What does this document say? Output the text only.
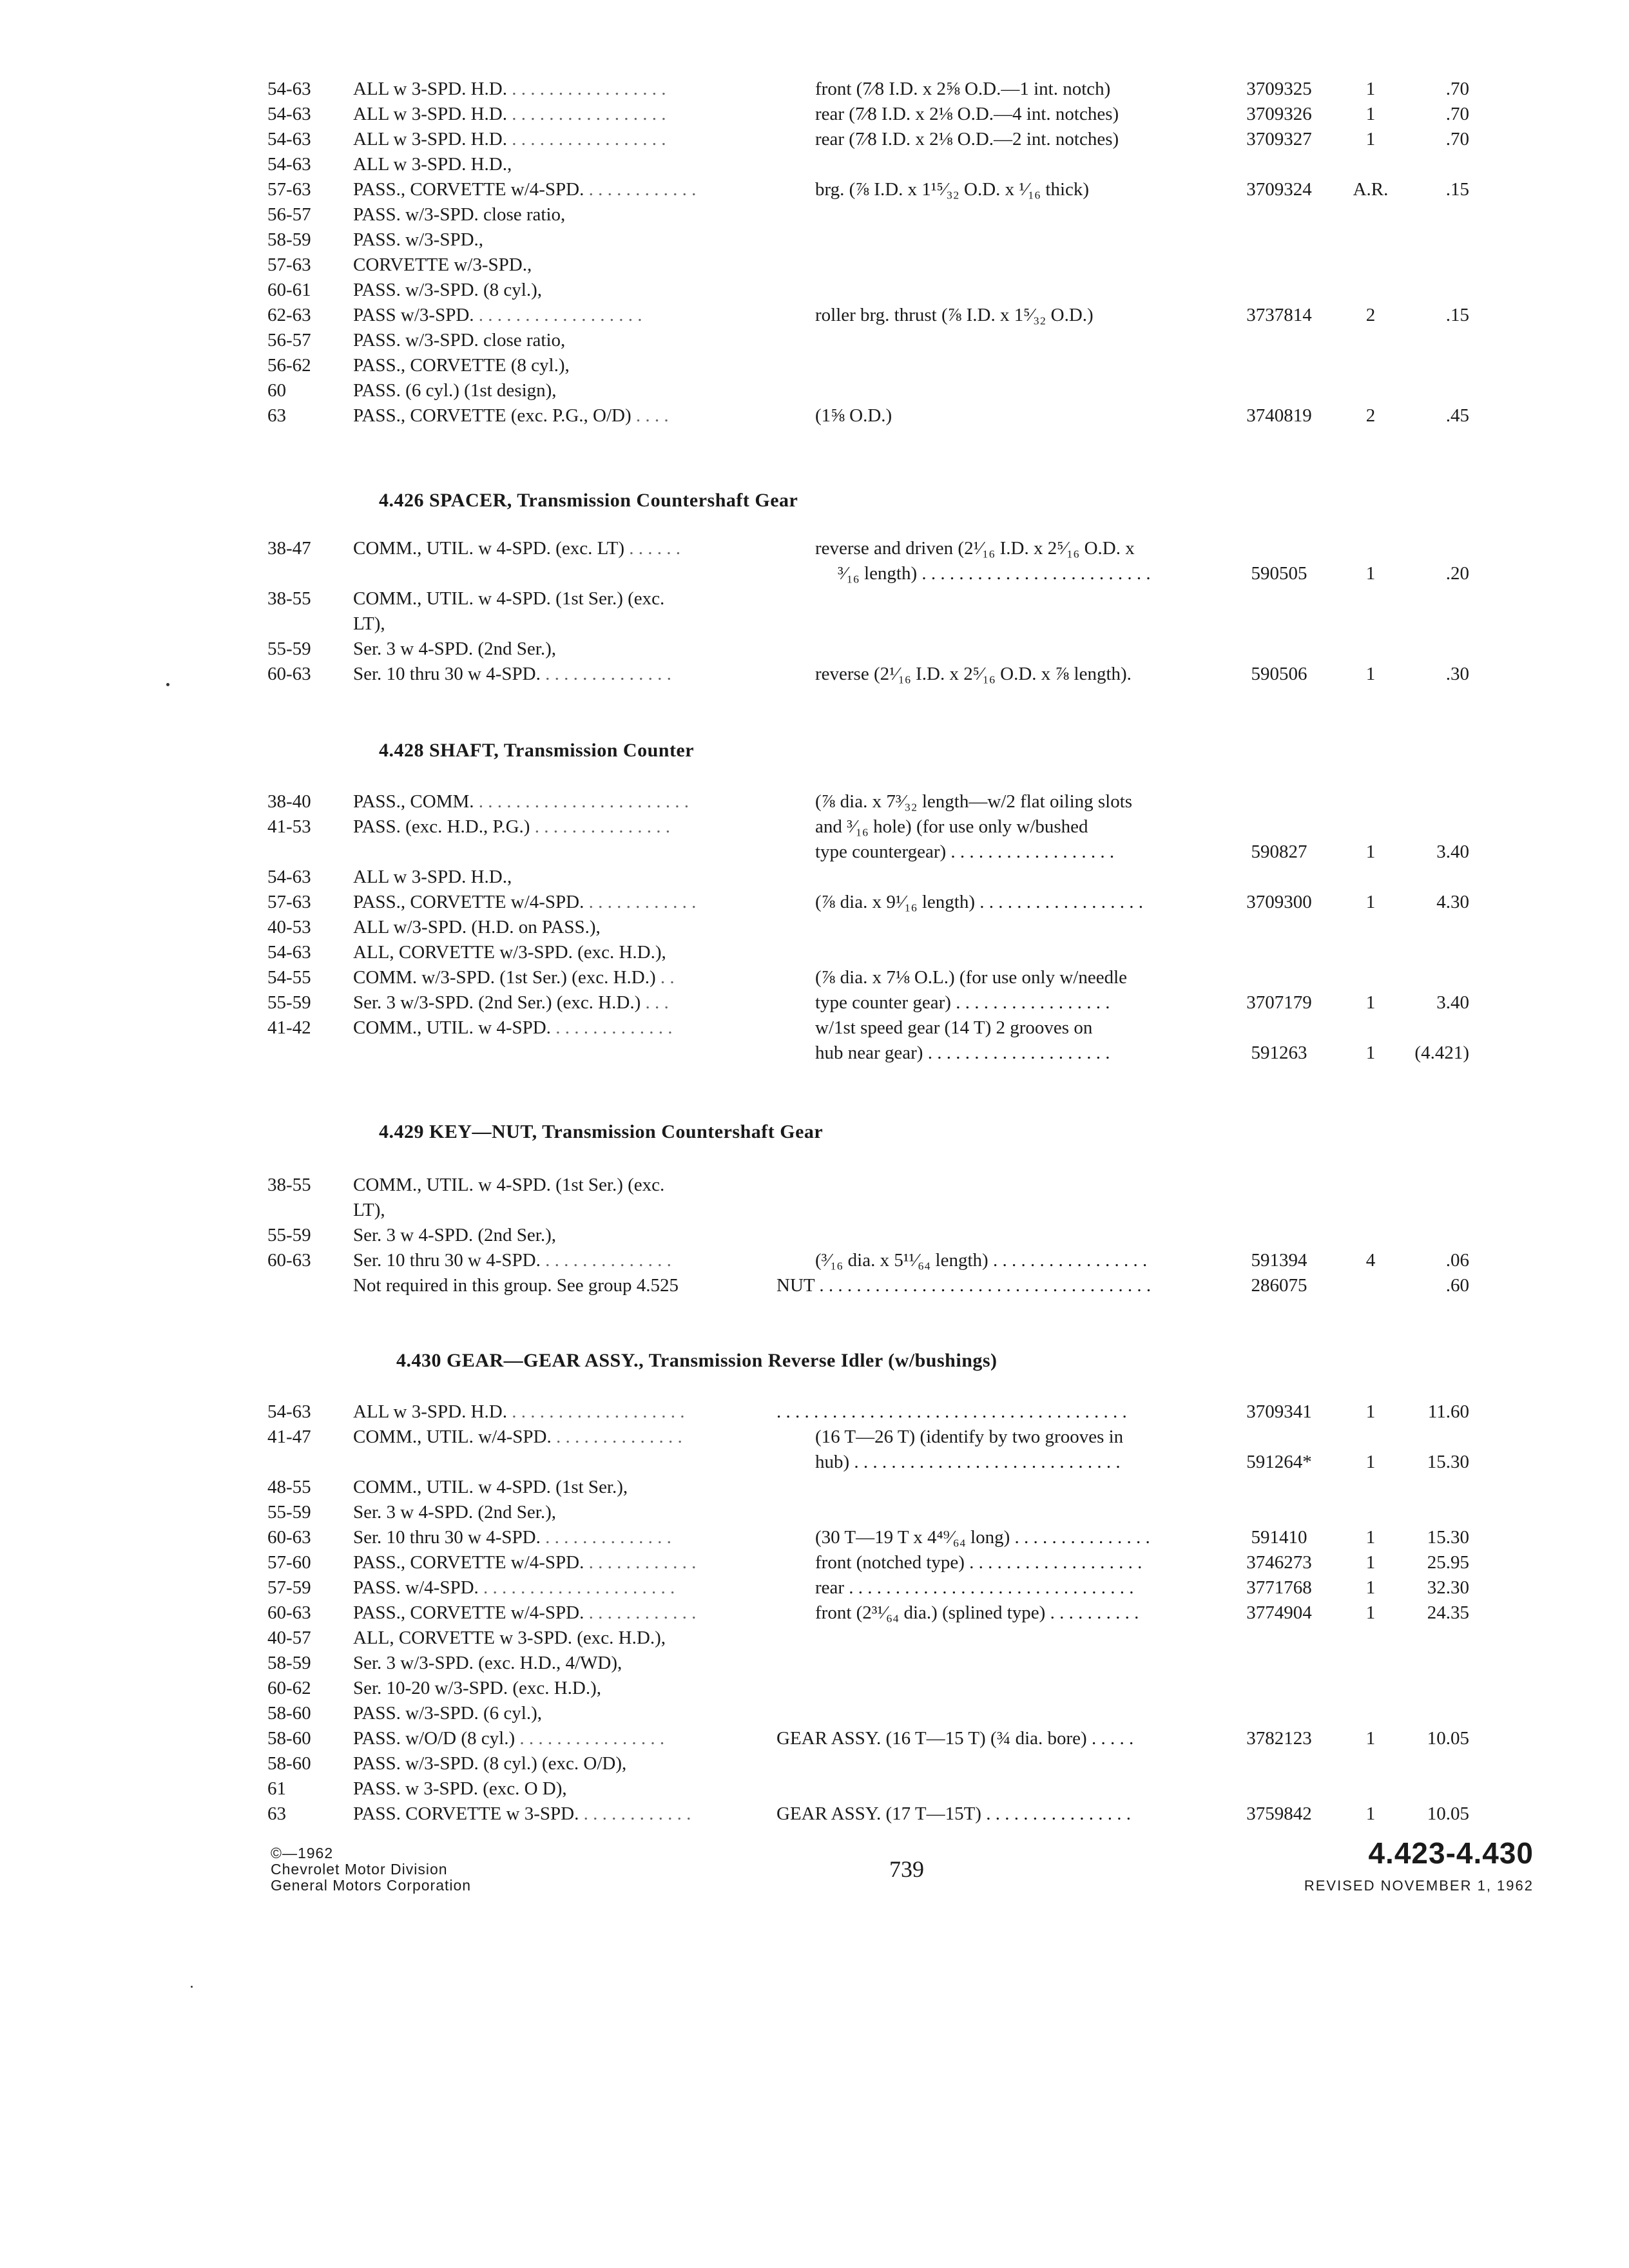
54-63 ALL w 3-SPD. H.D. . . . . . . . . . . . . . . . . .	front (7⁄8 I.D. x 2⅝ O.D.—1 int. notch)	3709325	1	.70
54-63 ALL w 3-SPD. H.D. . . . . . . . . . . . . . . . . .	rear (7⁄8 I.D. x 2⅛ O.D.—4 int. notches)	3709326	1	.70
54-63 ALL w 3-SPD. H.D. . . . . . . . . . . . . . . . . .	rear (7⁄8 I.D. x 2⅛ O.D.—2 int. notches)	3709327	1	.70
54-63 ALL w 3-SPD. H.D.,
57-63 PASS., CORVETTE w/4-SPD. . . . . . . . . . . . .	brg. (⅞ I.D. x 1¹⁵⁄₃₂ O.D. x ¹⁄₁₆ thick)	3709324	A.R.	.15
56-57 PASS. w/3-SPD. close ratio,
58-59 PASS. w/3-SPD.,
57-63 CORVETTE w/3-SPD.,
60-61 PASS. w/3-SPD. (8 cyl.),
62-63 PASS w/3-SPD. . . . . . . . . . . . . . . . . . .	roller brg. thrust (⅞ I.D. x 1⁵⁄₃₂ O.D.)	3737814	2	.15
56-57 PASS. w/3-SPD. close ratio,
56-62 PASS., CORVETTE (8 cyl.),
60	PASS. (6 cyl.) (1st design),
63	PASS., CORVETTE (exc. P.G., O/D) . . . .	(1⅝ O.D.)	3740819	2	.45
4.426 SPACER, Transmission Countershaft Gear
38-47 COMM., UTIL. w 4-SPD. (exc. LT) . . . . . .	reverse and driven (2¹⁄₁₆ I.D. x 2⁵⁄₁₆ O.D. x
³⁄₁₆ length) . . . . . . . . . . . . . . . . . . . . . . . . .	590505	1	.20
38-55 COMM., UTIL. w 4-SPD. (1st Ser.) (exc.
LT),
55-59 Ser. 3 w 4-SPD. (2nd Ser.),
60-63 Ser. 10 thru 30 w 4-SPD. . . . . . . . . . . . . . .	reverse (2¹⁄₁₆ I.D. x 2⁵⁄₁₆ O.D. x ⅞ length).	590506	1	.30
4.428 SHAFT, Transmission Counter
38-40 PASS., COMM. . . . . . . . . . . . . . . . . . . . . . . .	(⅞ dia. x 7³⁄₃₂ length—w/2 flat oiling slots
41-53 PASS. (exc. H.D., P.G.) . . . . . . . . . . . . . . .	and ³⁄₁₆ hole) (for use only w/bushed
type countergear) . . . . . . . . . . . . . . . . . .	590827	1	3.40
54-63 ALL w 3-SPD. H.D.,
57-63 PASS., CORVETTE w/4-SPD. . . . . . . . . . . . .	(⅞ dia. x 9¹⁄₁₆ length) . . . . . . . . . . . . . . . . . .	3709300	1	4.30
40-53 ALL w/3-SPD. (H.D. on PASS.),
54-63 ALL, CORVETTE w/3-SPD. (exc. H.D.),
54-55 COMM. w/3-SPD. (1st Ser.) (exc. H.D.) . .	(⅞ dia. x 7⅛ O.L.) (for use only w/needle
55-59 Ser. 3 w/3-SPD. (2nd Ser.) (exc. H.D.) . . .	type counter gear) . . . . . . . . . . . . . . . . .	3707179	1	3.40
41-42 COMM., UTIL. w 4-SPD. . . . . . . . . . . . . .	w/1st speed gear (14 T) 2 grooves on
hub near gear) . . . . . . . . . . . . . . . . . . . .	591263	1	(4.421)
4.429 KEY—NUT, Transmission Countershaft Gear
38-55 COMM., UTIL. w 4-SPD. (1st Ser.) (exc.
LT),
55-59 Ser. 3 w 4-SPD. (2nd Ser.),
60-63 Ser. 10 thru 30 w 4-SPD. . . . . . . . . . . . . . .	(³⁄₁₆ dia. x 5¹¹⁄₆₄ length) . . . . . . . . . . . . . . . . .	591394	4	.06
Not required in this group. See group 4.525	NUT . . . . . . . . . . . . . . . . . . . . . . . . . . . . . . . . . . . .	286075	.60
4.430 GEAR—GEAR ASSY., Transmission Reverse Idler (w/bushings)
54-63 ALL w 3-SPD. H.D. . . . . . . . . . . . . . . . . . . .	. . . . . . . . . . . . . . . . . . . . . . . . . . . . . . . . . . . . . .	3709341	1	11.60
41-47 COMM., UTIL. w/4-SPD. . . . . . . . . . . . . . .	(16 T—26 T) (identify by two grooves in
hub) . . . . . . . . . . . . . . . . . . . . . . . . . . . . .	591264*	1	15.30
48-55 COMM., UTIL. w 4-SPD. (1st Ser.),
55-59 Ser. 3 w 4-SPD. (2nd Ser.),
60-63 Ser. 10 thru 30 w 4-SPD. . . . . . . . . . . . . . .	(30 T—19 T x 4⁴⁹⁄₆₄ long) . . . . . . . . . . . . . . .	591410	1	15.30
57-60 PASS., CORVETTE w/4-SPD. . . . . . . . . . . . .	front (notched type) . . . . . . . . . . . . . . . . . . .	3746273	1	25.95
57-59 PASS. w/4-SPD. . . . . . . . . . . . . . . . . . . . . .	rear . . . . . . . . . . . . . . . . . . . . . . . . . . . . . . .	3771768	1	32.30
60-63 PASS., CORVETTE w/4-SPD. . . . . . . . . . . . .	front (2³¹⁄₆₄ dia.) (splined type) . . . . . . . . . .	3774904	1	24.35
40-57 ALL, CORVETTE w 3-SPD. (exc. H.D.),
58-59 Ser. 3 w/3-SPD. (exc. H.D., 4/WD),
60-62 Ser. 10-20 w/3-SPD. (exc. H.D.),
58-60 PASS. w/3-SPD. (6 cyl.),
58-60 PASS. w/O/D (8 cyl.) . . . . . . . . . . . . . . . .	GEAR ASSY. (16 T—15 T) (¾ dia. bore) . . . . .	3782123	1	10.05
58-60 PASS. w/3-SPD. (8 cyl.) (exc. O/D),
61	PASS. w 3-SPD. (exc. O D),
63	PASS. CORVETTE w 3-SPD. . . . . . . . . . . . .	GEAR ASSY. (17 T—15T) . . . . . . . . . . . . . . . .	3759842	1	10.05
©—1962
Chevrolet Motor Division
General Motors Corporation
739	4.423-4.430
REVISED NOVEMBER 1, 1962
